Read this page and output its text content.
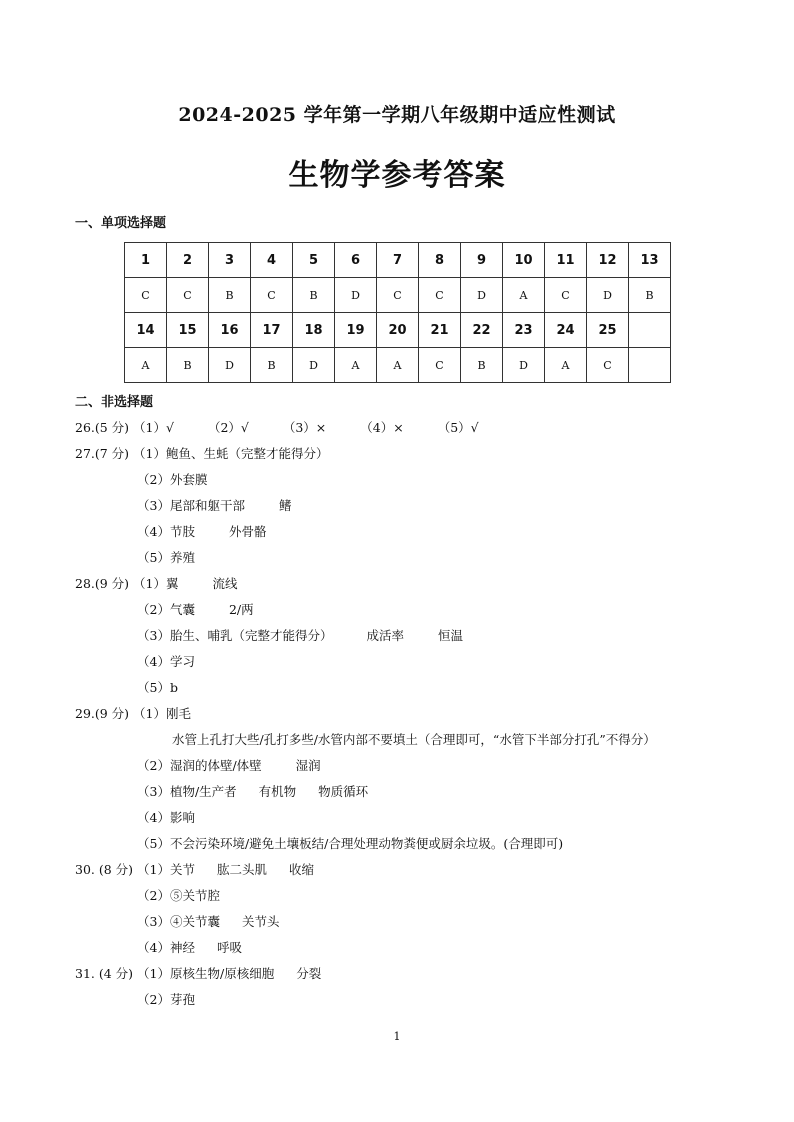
2024-2025 学年第一学期八年级期中适应性测试
生物学参考答案
一、单项选择题
1	2	3	4	5	6	7	8	9	10	11	12	13
C	C	B	C	B	D	C	C	D	A	C	D	B
14	15	16	17	18	19	20	21	22	23	24	25	
A	B	D	B	D	A	A	C	B	D	A	C	
二、非选择题
26.(5 分) （1）√	（2）√	（3）×	（4）×	（5）√
27.(7 分) （1）鲍鱼、生蚝（完整才能得分）
（2）外套膜
（3）尾部和躯干部	鳍
（4）节肢	外骨骼
（5）养殖
28.(9 分) （1）翼	流线
（2）气囊	2/两
（3）胎生、哺乳（完整才能得分）	成活率	恒温
（4）学习
（5）b
29.(9 分) （1）刚毛
水管上孔打大些/孔打多些/水管内部不要填土（合理即可，“水管下半部分打孔”不得分）
（2）湿润的体壁/体壁	湿润
（3）植物/生产者 有机物 物质循环
（4）影响
（5）不会污染环境/避免土壤板结/合理处理动物粪便或厨余垃圾。(合理即可)
30. (8 分) （1）关节 肱二头肌 收缩
（2）⑤关节腔
（3）④关节囊 关节头
（4）神经 呼吸
31. (4 分) （1）原核生物/原核细胞 分裂
（2）芽孢
1
